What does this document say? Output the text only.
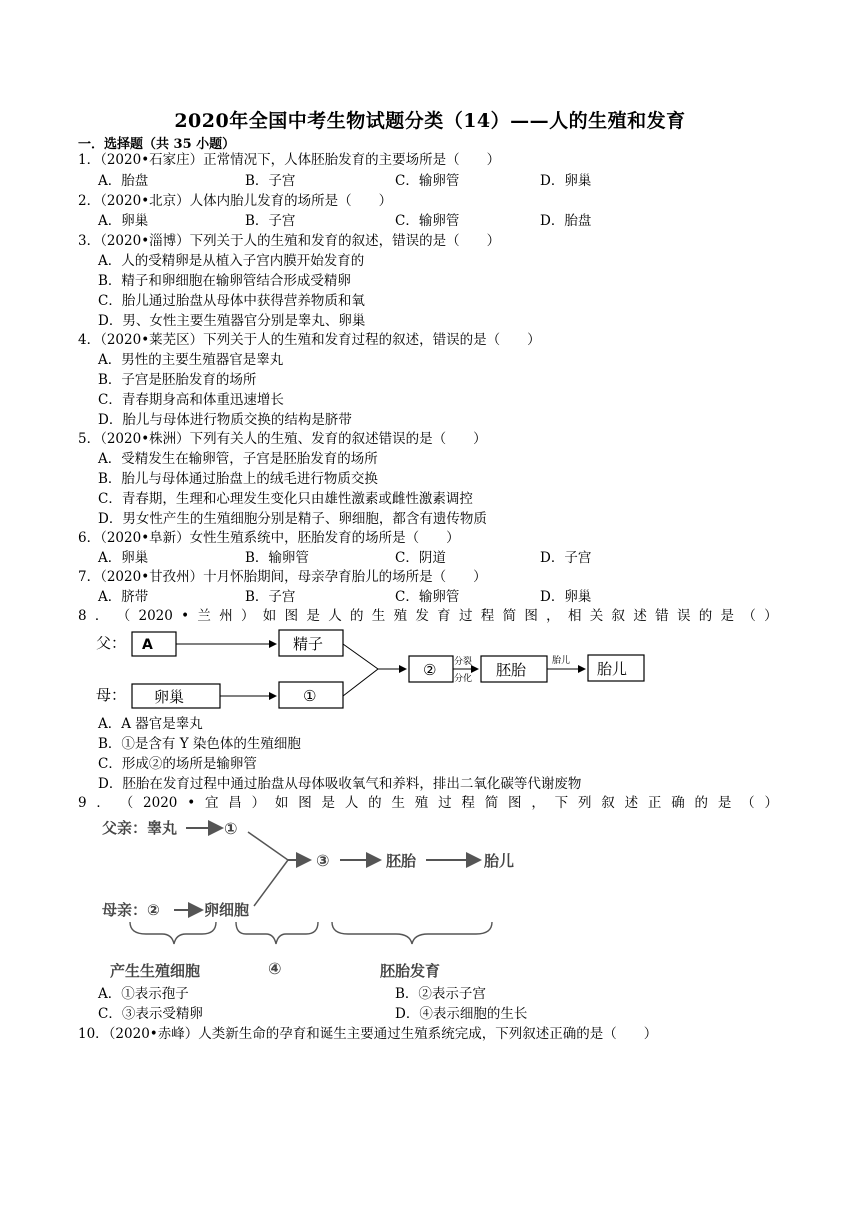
2020年全国中考生物试题分类（14）——人的生殖和发育
一．选择题（共 35 小题）
1．（2020•石家庄）正常情况下，人体胚胎发育的主要场所是（　　）
A．胎盘	B．子宫	C．输卵管	D．卵巢
2．（2020•北京）人体内胎儿发育的场所是（　　）
A．卵巢	B．子宫	C．输卵管	D．胎盘
3．（2020•淄博）下列关于人的生殖和发育的叙述，错误的是（　　）
A．人的受精卵是从植入子宫内膜开始发育的
B．精子和卵细胞在输卵管结合形成受精卵
C．胎儿通过胎盘从母体中获得营养物质和氧
D．男、女性主要生殖器官分别是睾丸、卵巢
4．（2020•莱芜区）下列关于人的生殖和发育过程的叙述，错误的是（　　）
A．男性的主要生殖器官是睾丸
B．子宫是胚胎发育的场所
C．青春期身高和体重迅速增长
D．胎儿与母体进行物质交换的结构是脐带
5．（2020•株洲）下列有关人的生殖、发育的叙述错误的是（　　）
A．受精发生在输卵管，子宫是胚胎发育的场所
B．胎儿与母体通过胎盘上的绒毛进行物质交换
C．青春期，生理和心理发生变化只由雄性激素或雌性激素调控
D．男女性产生的生殖细胞分别是精子、卵细胞，都含有遗传物质
6．（2020•阜新）女性生殖系统中，胚胎发育的场所是（　　）
A．卵巢	B．输卵管	C．阴道	D．子宫
7．（2020•甘孜州）十月怀胎期间，母亲孕育胎儿的场所是（　　）
A．脐带	B．子宫	C．输卵管	D．卵巢
8 ． （ 2020 • 兰 州 ） 如 图 是 人 的 生 殖 发 育 过 程 简 图 ， 相 关 叙 述 错 误 的 是 （ ）
父： A	精子
母： 卵巢	①
② 分裂
分化 胚胎	胎儿 胎儿
A．A 器官是睾丸
B．①是含有 Y 染色体的生殖细胞
C．形成②的场所是输卵管
D．胚胎在发育过程中通过胎盘从母体吸收氧气和养料，排出二氧化碳等代谢废物
9 ． （ 2020 • 宜 昌 ） 如 图 是 人 的 生 殖 过 程 简 图 ， 下 列 叙 述 正 确 的 是 （ ）
父亲：睾丸	①
母亲：②	卵细胞
③	胚胎	胎儿
产生生殖细胞	④	胚胎发育
A．①表示孢子	B．②表示子宫
C．③表示受精卵	D．④表示细胞的生长
10．（2020•赤峰）人类新生命的孕育和诞生主要通过生殖系统完成，下列叙述正确的是（　　）
